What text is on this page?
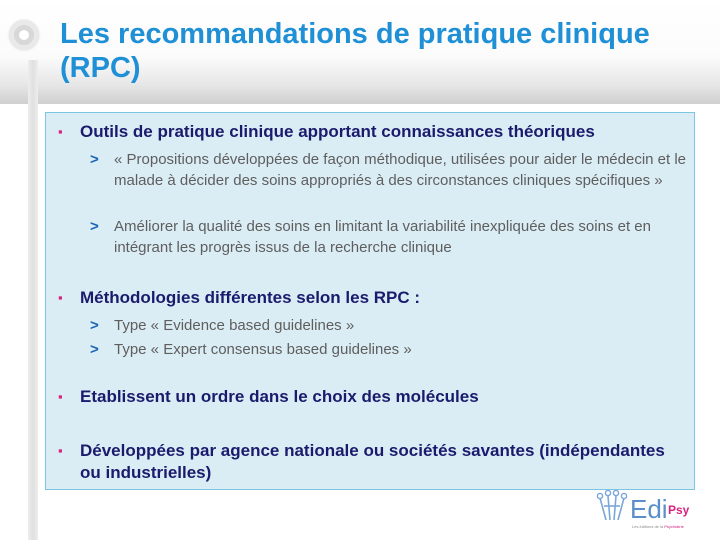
Les recommandations de pratique clinique (RPC)
▪ Outils de pratique clinique apportant connaissances théoriques
> « Propositions développées de façon méthodique, utilisées pour aider le médecin et le malade à décider des soins appropriés à des circonstances cliniques spécifiques »
> Améliorer la qualité des soins en limitant la variabilité inexpliquée des soins et en intégrant les progrès issus de la recherche clinique
▪ Méthodologies différentes selon les RPC :
> Type « Evidence based guidelines »
> Type « Expert consensus based guidelines »
▪ Etablissent un ordre dans le choix des molécules
▪ Développées par agence nationale ou sociétés savantes (indépendantes ou industrielles)
Edi Psy
Les éditions de la Psychiatrie
